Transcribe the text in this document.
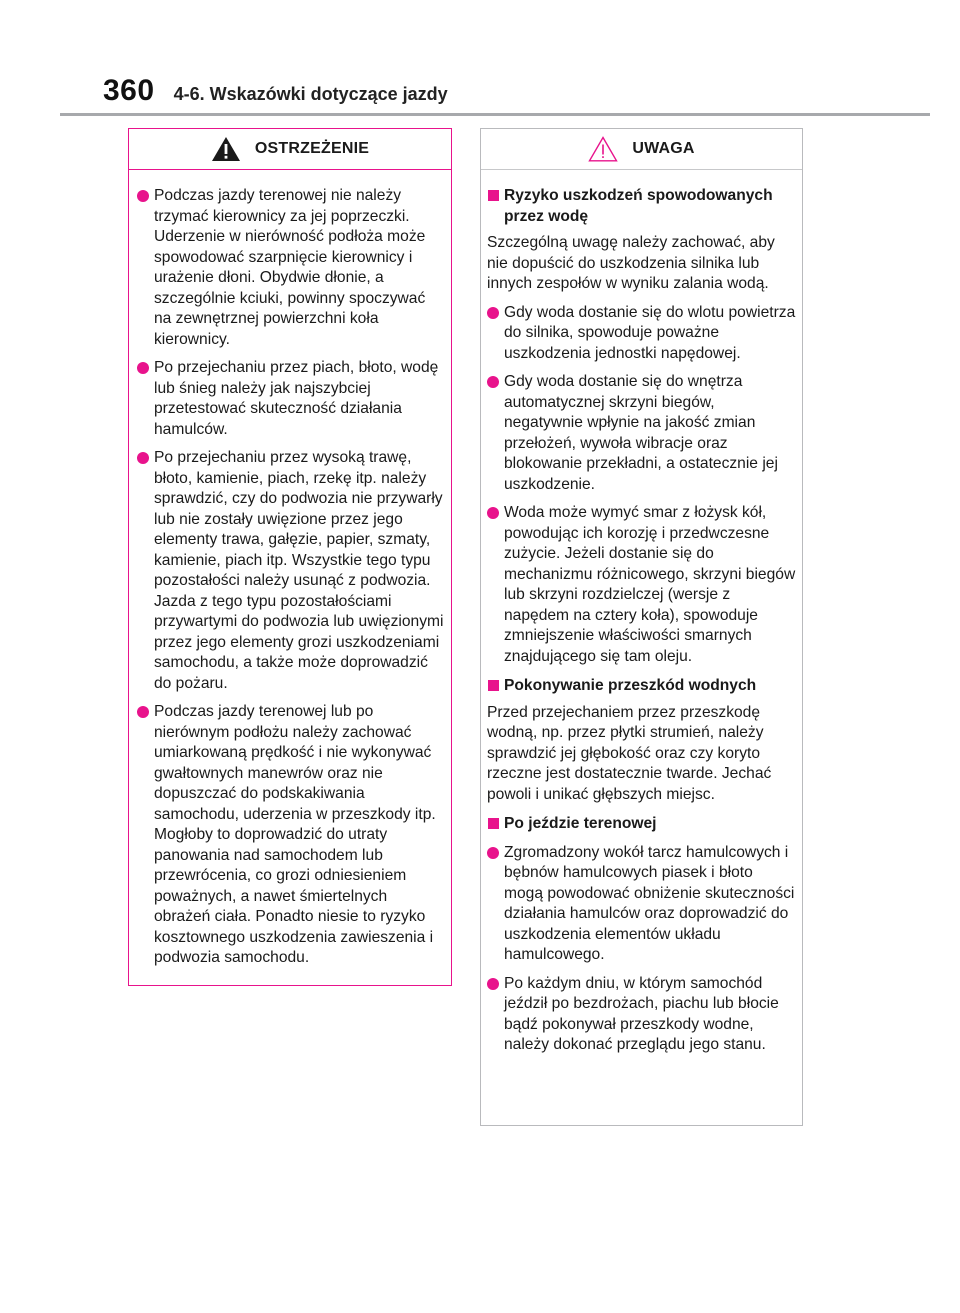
360 4-6. Wskazówki dotyczące jazdy
OSTRZEŻENIE
Podczas jazdy terenowej nie należy trzymać kierownicy za jej poprzeczki. Uderzenie w nierówność podłoża może spowodować szarpnięcie kierownicy i urażenie dłoni. Obydwie dłonie, a szczególnie kciuki, powinny spoczywać na zewnętrznej powierzchni koła kierownicy.
Po przejechaniu przez piach, błoto, wodę lub śnieg należy jak najszybciej przetestować skuteczność działania hamulców.
Po przejechaniu przez wysoką trawę, błoto, kamienie, piach, rzekę itp. należy sprawdzić, czy do podwozia nie przywarły lub nie zostały uwięzione przez jego elementy trawa, gałęzie, papier, szmaty, kamienie, piach itp. Wszystkie tego typu pozostałości należy usunąć z podwozia. Jazda z tego typu pozostałościami przywartymi do podwozia lub uwięzionymi przez jego elementy grozi uszkodzeniami samochodu, a także może doprowadzić do pożaru.
Podczas jazdy terenowej lub po nierównym podłożu należy zachować umiarkowaną prędkość i nie wykonywać gwałtownych manewrów oraz nie dopuszczać do podskakiwania samochodu, uderzenia w przeszkody itp. Mogłoby to doprowadzić do utraty panowania nad samochodem lub przewrócenia, co grozi odniesieniem poważnych, a nawet śmiertelnych obrażeń ciała. Ponadto niesie to ryzyko kosztownego uszkodzenia zawieszenia i podwozia samochodu.
UWAGA
Ryzyko uszkodzeń spowodowanych przez wodę
Szczególną uwagę należy zachować, aby nie dopuścić do uszkodzenia silnika lub innych zespołów w wyniku zalania wodą.
Gdy woda dostanie się do wlotu powietrza do silnika, spowoduje poważne uszkodzenia jednostki napędowej.
Gdy woda dostanie się do wnętrza automatycznej skrzyni biegów, negatywnie wpłynie na jakość zmian przełożeń, wywoła wibracje oraz blokowanie przekładni, a ostatecznie jej uszkodzenie.
Woda może wymyć smar z łożysk kół, powodując ich korozję i przedwczesne zużycie. Jeżeli dostanie się do mechanizmu różnicowego, skrzyni biegów lub skrzyni rozdzielczej (wersje z napędem na cztery koła), spowoduje zmniejszenie właściwości smarnych znajdującego się tam oleju.
Pokonywanie przeszkód wodnych
Przed przejechaniem przez przeszkodę wodną, np. przez płytki strumień, należy sprawdzić jej głębokość oraz czy koryto rzeczne jest dostatecznie twarde. Jechać powoli i unikać głębszych miejsc.
Po jeździe terenowej
Zgromadzony wokół tarcz hamulcowych i bębnów hamulcowych piasek i błoto mogą powodować obniżenie skuteczności działania hamulców oraz doprowadzić do uszkodzenia elementów układu hamulcowego.
Po każdym dniu, w którym samochód jeździł po bezdrożach, piachu lub błocie bądź pokonywał przeszkody wodne, należy dokonać przeglądu jego stanu.
